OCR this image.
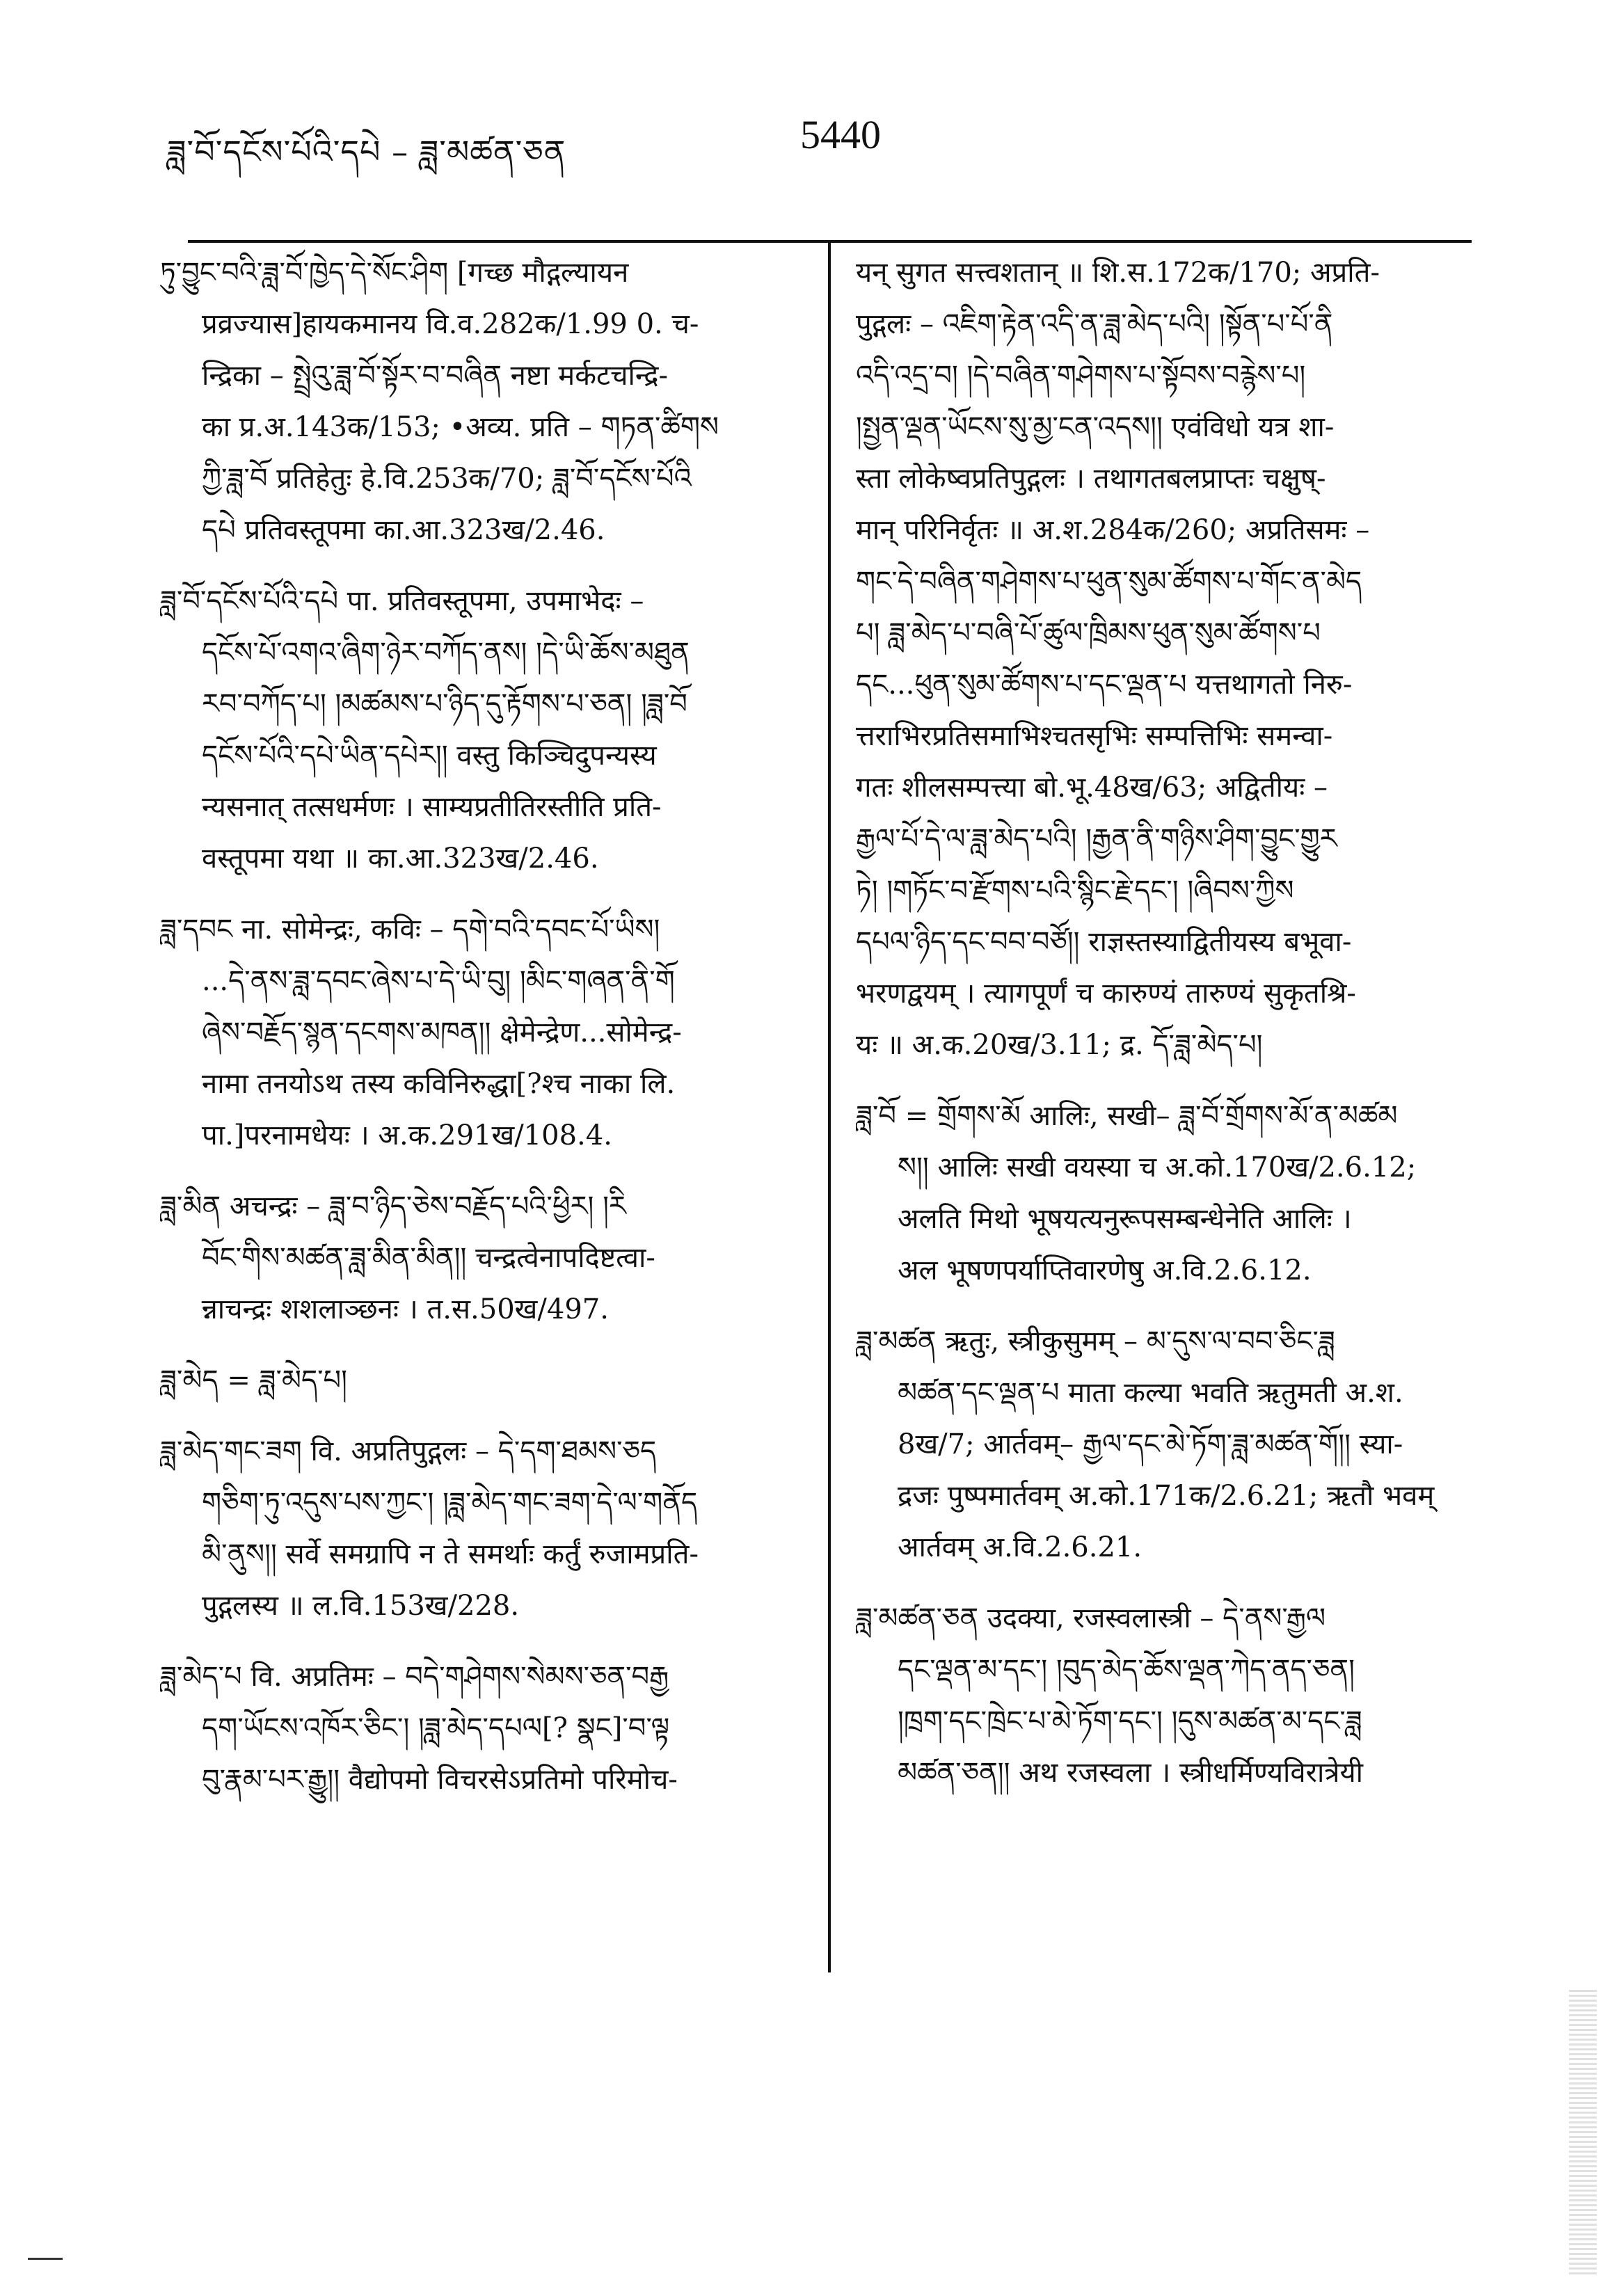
ཟླ་བོ་དངོས་པོའི་དཔེ – ཟླ་མཚན་ཅན	5440
ཏུ་བྱུང་བའི་ཟླ་བོ་ཁྱེད་དེ་སོང་ཤིག [गच्छ मौद्गल्यायन
प्रव्रज्यास]हायकमानय वि.व.282क/1.99 0. च-
न्द्रिका – སྤྲེའུ་ཟླ་བོ་སྟོར་བ་བཞིན नष्टा मर्कटचन्द्रि-
का प्र.अ.143क/153; •अव्य. प्रति – གཏན་ཚིགས
ཀྱི་ཟླ་བོ प्रतिहेतुः हे.वि.253क/70; ཟླ་བོ་དངོས་པོའི
དཔེ प्रतिवस्तूपमा का.आ.323ख/2.46.
ཟླ་བོ་དངོས་པོའི་དཔེ पा. प्रतिवस्तूपमा, उपमाभेदः –
དངོས་པོ་འགའ་ཞིག་ཉེར་བཀོད་ནས། །དེ་ཡི་ཆོས་མཐུན
རབ་བཀོད་པ། །མཚམས་པ་ཉིད་དུ་རྟོགས་པ་ཅན། །ཟླ་བོ
དངོས་པོའི་དཔེ་ཡིན་དཔེར།། वस्तु किञ्चिदुपन्यस्य
न्यसनात् तत्सधर्मणः । साम्यप्रतीतिरस्तीति प्रति-
वस्तूपमा यथा ॥ का.आ.323ख/2.46.
ཟླ་དབང ना. सोमेन्द्रः, कविः – དགེ་བའི་དབང་པོ་ཡིས།
...དེ་ནས་ཟླ་དབང་ཞེས་པ་དེ་ཡི་བུ། །མིང་གཞན་ནི་གོ
ཞེས་བརྗོད་སྙན་དངགས་མཁན།། क्षेमेन्द्रेण...सोमेन्द्र-
नामा तनयोऽथ तस्य कविनिरुद्धा[?श्च नाका लि.
पा.]परनामधेयः । अ.क.291ख/108.4.
ཟླ་མིན अचन्द्रः – ཟླ་བ་ཉིད་ཅེས་བརྗོད་པའི་ཕྱིར། །རི
བོང་གིས་མཚན་ཟླ་མིན་མིན།། चन्द्रत्वेनापदिष्टत्वा-
न्नाचन्द्रः शशलाञ्छनः । त.स.50ख/497.
ཟླ་མེད = ཟླ་མེད་པ།
ཟླ་མེད་གང་ཟག वि. अप्रतिपुद्गलः – དེ་དག་ཐམས་ཅད
གཅིག་ཏུ་འདུས་པས་ཀྱང་། །ཟླ་མེད་གང་ཟག་དེ་ལ་གནོད
མི་ནུས།། सर्वे समग्रापि न ते समर्थाः कर्तुं रुजामप्रति-
पुद्गलस्य ॥ ल.वि.153ख/228.
ཟླ་མེད་པ वि. अप्रतिमः – བདེ་གཤེགས་སེམས་ཅན་བརྒྱ
དག་ཡོངས་འཁོར་ཅིང་། །ཟླ་མེད་དཔལ[? སྣང]་བ་ལྟ
བུ་རྣམ་པར་རྒྱུ།། वैद्योपमो विचरसेऽप्रतिमो परिमोच-
यन् सुगत सत्त्वशतान् ॥ शि.स.172क/170; अप्रति-
पुद्गलः – འཇིག་རྟེན་འདི་ན་ཟླ་མེད་པའི། །སྟོན་པ་པོ་ནི
འདི་འདྲ་བ། །དེ་བཞིན་གཤེགས་པ་སྟོབས་བརྙེས་པ།
།སྤྱན་ལྡན་ཡོངས་སུ་མྱ་ངན་འདས།། एवंविधो यत्र शा-
स्ता लोकेष्वप्रतिपुद्गलः । तथागतबलप्राप्तः चक्षुष्-
मान् परिनिर्वृतः ॥ अ.श.284क/260; अप्रतिसमः –
གང་དེ་བཞིན་གཤེགས་པ་ཕུན་སུམ་ཚོགས་པ་གོང་ན་མེད
པ། ཟླ་མེད་པ་བཞི་པོ་ཚུལ་ཁྲིམས་ཕུན་སུམ་ཚོགས་པ
དང...ཕུན་སུམ་ཚོགས་པ་དང་ལྡན་པ यत्तथागतो निरु-
त्तराभिरप्रतिसमाभिश्चतसृभिः सम्पत्तिभिः समन्वा-
गतः शीलसम्पत्त्या बो.भू.48ख/63; अद्वितीयः –
རྒྱལ་པོ་དེ་ལ་ཟླ་མེད་པའི། །རྒྱན་ནི་གཉིས་ཤིག་བྱུང་གྱུར
ཏེ། །གཏོང་བ་རྫོགས་པའི་སྙིང་རྗེ་དང་། །ཞིབས་ཀྱིས
དཔལ་ཉིད་དང་བབ་བཙོ།། राज्ञस्तस्याद्वितीयस्य बभूवा-
भरणद्वयम् । त्यागपूर्णं च कारुण्यं तारुण्यं सुकृतश्रि-
यः ॥ अ.क.20ख/3.11; द्र. དོ་ཟླ་མེད་པ།
ཟླ་བོ = གྲོགས་མོ आलिः, सखी– ཟླ་བོ་གྲོགས་མོ་ན་མཚམ
ས།། आलिः सखी वयस्या च अ.को.170ख/2.6.12;
अलति मिथो भूषयत्यनुरूपसम्बन्धेनेति आलिः ।
अल भूषणपर्याप्तिवारणेषु अ.वि.2.6.12.
ཟླ་མཚན ऋतुः, स्त्रीकुसुमम् – མ་དུས་ལ་བབ་ཅིང་ཟླ
མཚན་དང་ལྡན་པ माता कल्या भवति ऋतुमती अ.श.
8ख/7; आर्तवम्– རྒྱལ་དང་མེ་ཏོག་ཟླ་མཚན་གོ།། स्या-
द्रजः पुष्पमार्तवम् अ.को.171क/2.6.21; ऋतौ भवम्
आर्तवम् अ.वि.2.6.21.
ཟླ་མཚན་ཅན उदक्या, रजस्वलास्त्री – དེ་ནས་རྒྱལ
དང་ལྡན་མ་དང་། །བུད་མེད་ཆོས་ལྡན་ཀེད་ནད་ཅན།
།ཁྲག་དང་ཁྲེང་པ་མེ་ཏོག་དང་། །དུས་མཚན་མ་དང་ཟླ
མཚན་ཅན།། अथ रजस्वला । स्त्रीधर्मिण्यविरात्रेयी
